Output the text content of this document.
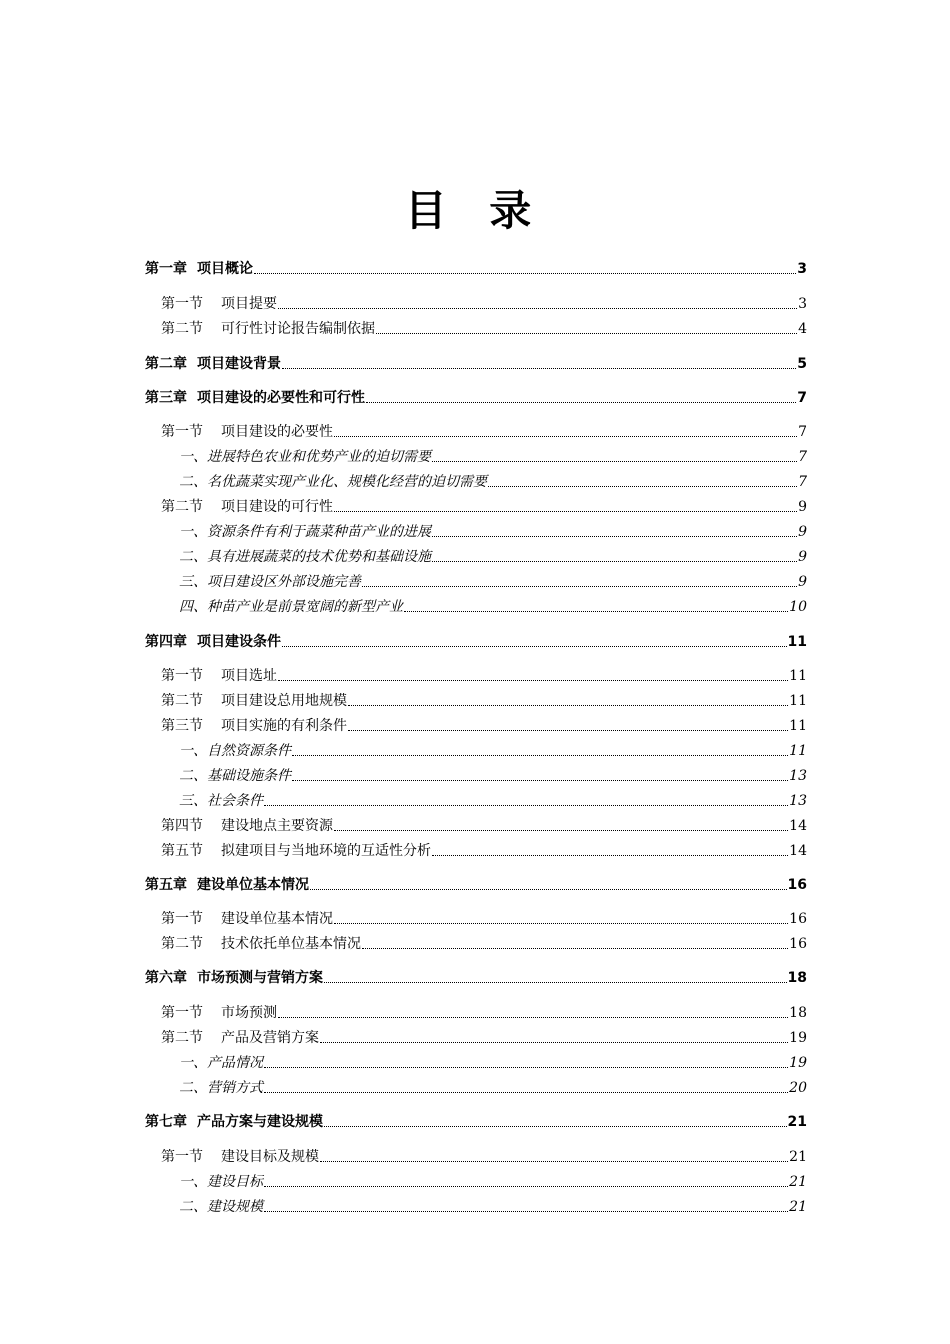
目 录
第一章 项目概论	3
第一节 项目提要	3
第二节 可行性讨论报告编制依据	4
第二章 项目建设背景	5
第三章 项目建设的必要性和可行性	7
第一节 项目建设的必要性	7
一、 进展特色农业和优势产业的迫切需要	7
二、 名优蔬菜实现产业化、规模化经营的迫切需要	7
第二节 项目建设的可行性	9
一、 资源条件有利于蔬菜种苗产业的进展	9
二、 具有进展蔬菜的技术优势和基础设施	9
三、 项目建设区外部设施完善	9
四、 种苗产业是前景宽阔的新型产业	10
第四章 项目建设条件	11
第一节 项目选址	11
第二节 项目建设总用地规模	11
第三节 项目实施的有利条件	11
一、 自然资源条件	11
二、 基础设施条件	13
三、 社会条件	13
第四节 建设地点主要资源	14
第五节 拟建项目与当地环境的互适性分析	14
第五章 建设单位基本情况	16
第一节 建设单位基本情况	16
第二节 技术依托单位基本情况	16
第六章 市场预测与营销方案	18
第一节 市场预测	18
第二节 产品及营销方案	19
一、 产品情况	19
二、 营销方式	20
第七章 产品方案与建设规模	21
第一节 建设目标及规模	21
一、 建设目标	21
二、 建设规模	21
